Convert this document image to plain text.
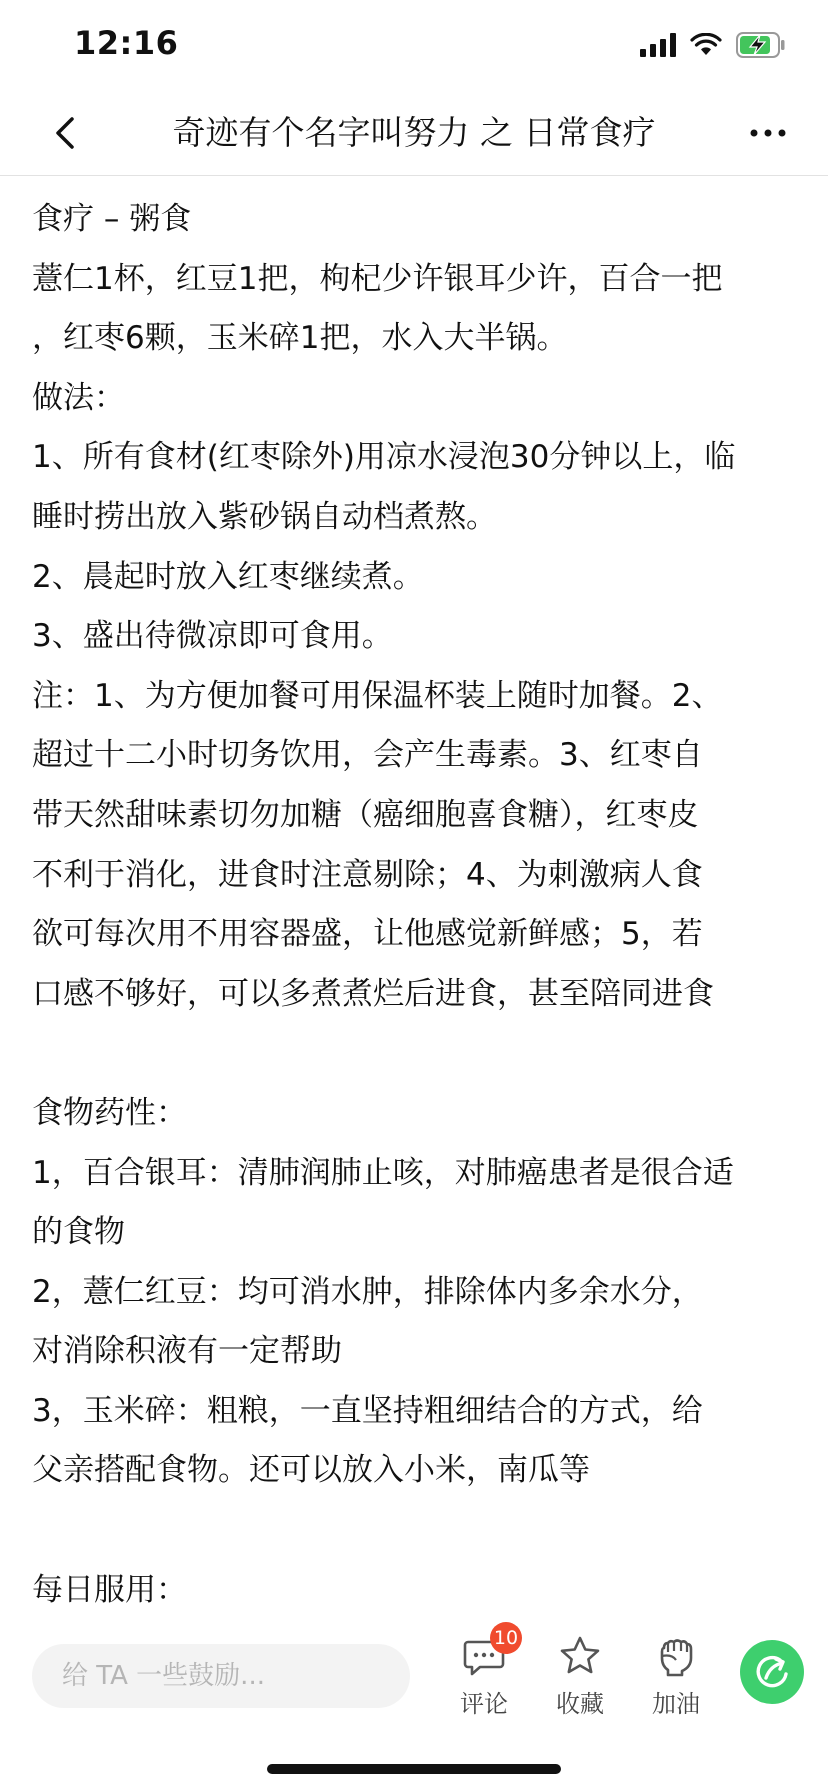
12:16
奇迹有个名字叫努力 之 日常食疗
食疗 – 粥食
薏仁1杯，红豆1把，枸杞少许银耳少许，百合一把
，红枣6颗，玉米碎1把，水入大半锅。
做法：
1、所有食材(红枣除外)用凉水浸泡30分钟以上，临
睡时捞出放入紫砂锅自动档煮熬。
2、晨起时放入红枣继续煮。
3、盛出待微凉即可食用。
注：1、为方便加餐可用保温杯装上随时加餐。2、
超过十二小时切务饮用，会产生毒素。3、红枣自
带天然甜味素切勿加糖（癌细胞喜食糖），红枣皮
不利于消化，进食时注意剔除；4、为刺激病人食
欲可每次用不用容器盛，让他感觉新鲜感；5，若
口感不够好，可以多煮煮烂后进食，甚至陪同进食
食物药性：
1，百合银耳：清肺润肺止咳，对肺癌患者是很合适
的食物
2，薏仁红豆：均可消水肿，排除体内多余水分，
对消除积液有一定帮助
3，玉米碎：粗粮，一直坚持粗细结合的方式，给
父亲搭配食物。还可以放入小米，南瓜等
每日服用：
给 TA 一些鼓励...
10
评论	收藏	加油
